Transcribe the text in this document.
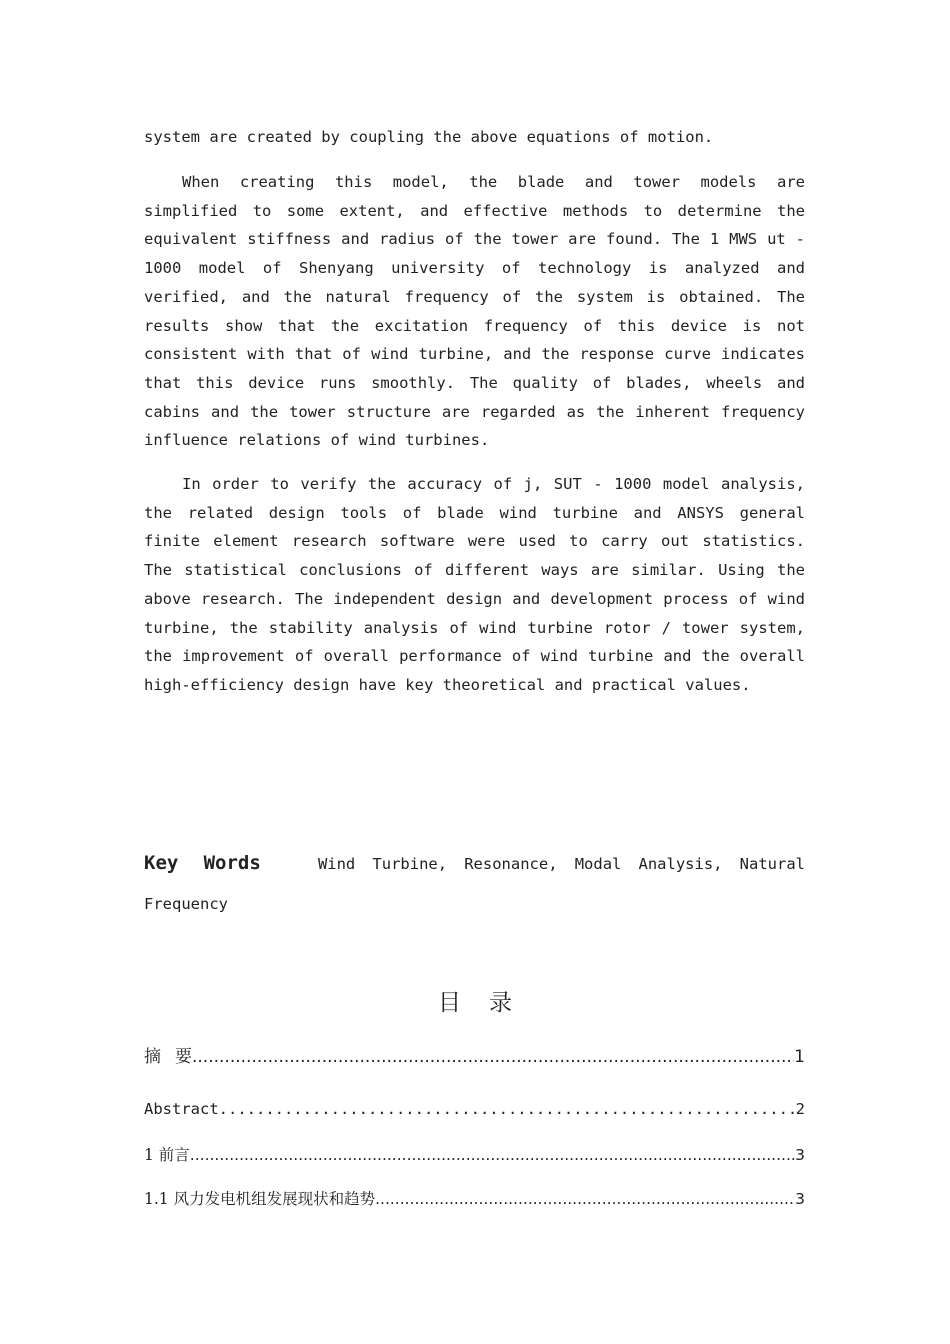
system are created by coupling the above equations of motion.
When creating this model, the blade and tower models are simplified to some extent, and effective methods to determine the equivalent stiffness and radius of the tower are found. The 1 MWS ut - 1000 model of Shenyang university of technology is analyzed and verified, and the natural frequency of the system is obtained. The results show that the excitation frequency of this device is not consistent with that of wind turbine, and the response curve indicates that this device runs smoothly. The quality of blades, wheels and cabins and the tower structure are regarded as the inherent frequency influence relations of wind turbines.
In order to verify the accuracy of j, SUT - 1000 model analysis, the related design tools of blade wind turbine and ANSYS general finite element research software were used to carry out statistics. The statistical conclusions of different ways are similar. Using the above research. The independent design and development process of wind turbine, the stability analysis of wind turbine rotor / tower system, the improvement of overall performance of wind turbine and the overall high-efficiency design have key theoretical and practical values.
Key Words	Wind Turbine, Resonance, Modal Analysis, Natural Frequency
目录
摘要 .....	1
Abstract .....	2
1 前言 .....	3
1.1 风力发电机组发展现状和趋势 .....	3
